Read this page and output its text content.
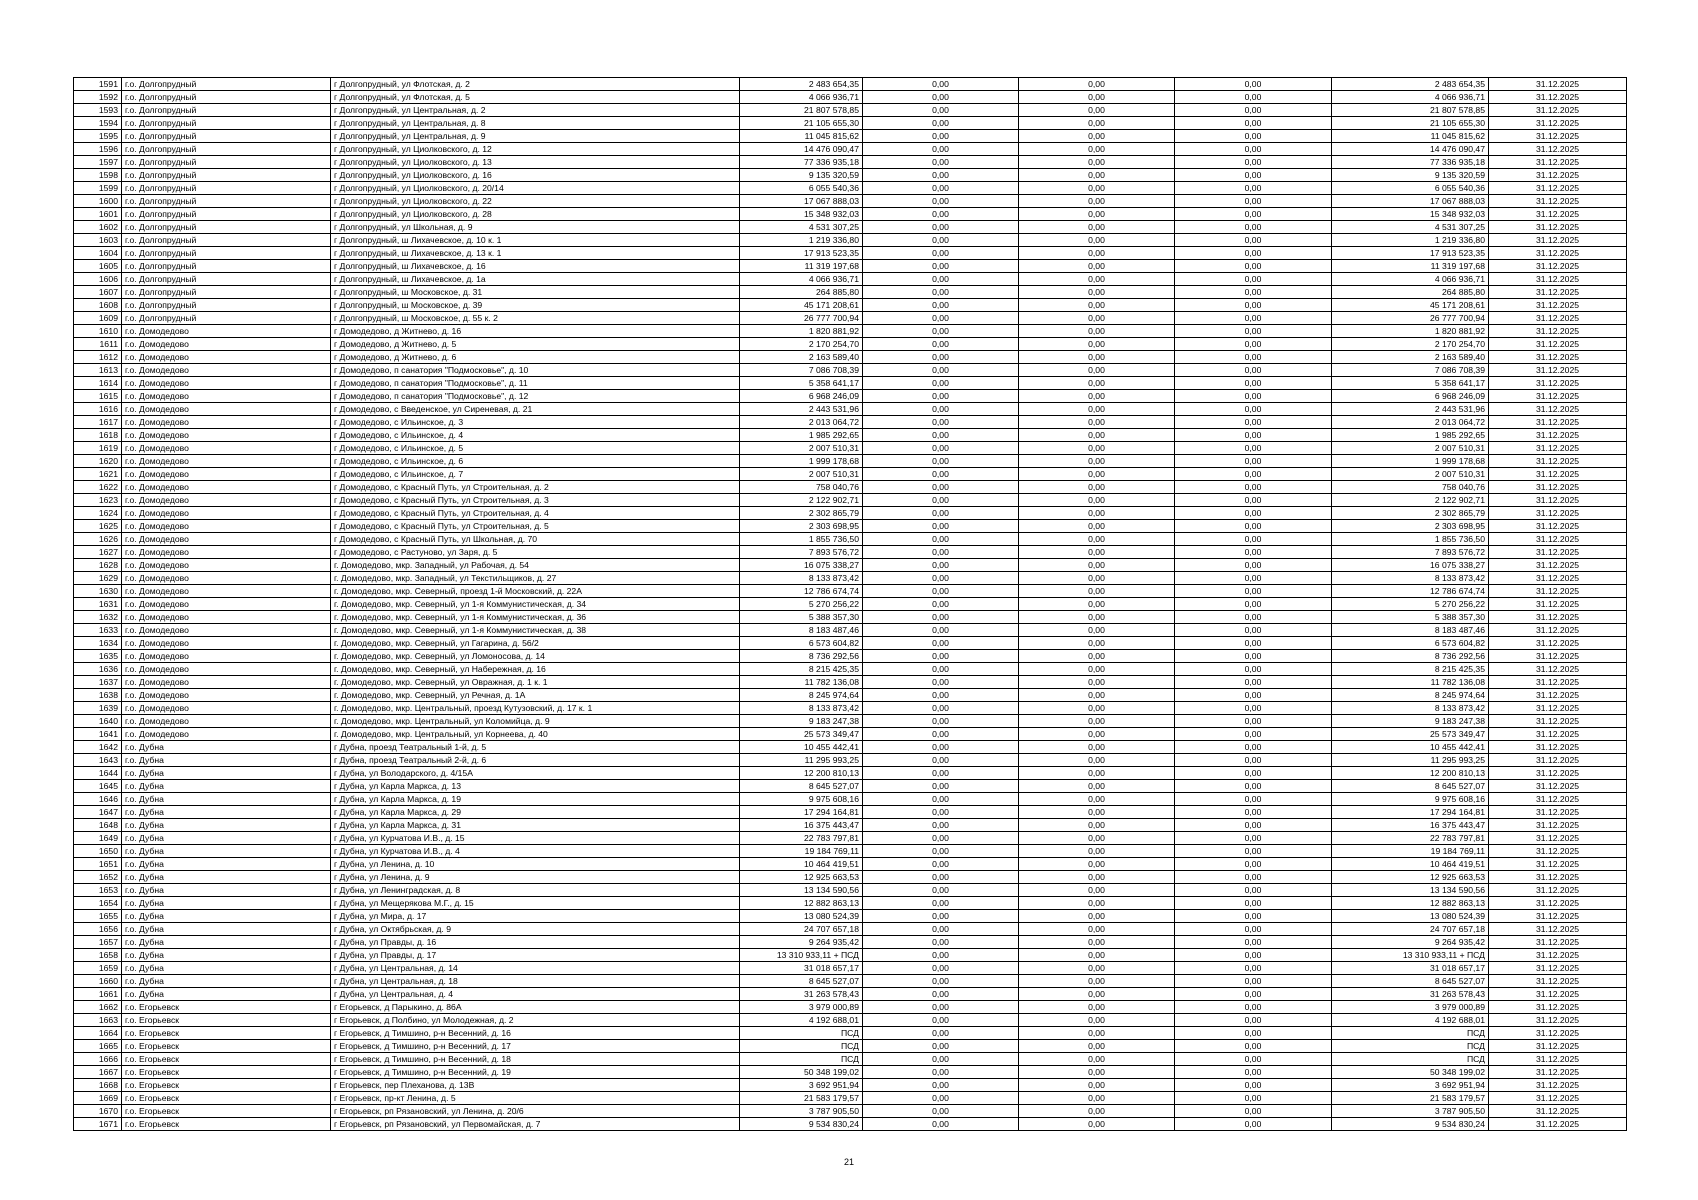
1591	г.о. Долгопрудный	г Долгопрудный, ул Флотская, д. 2	2 483 654,35	0,00	0,00	0,00	2 483 654,35	31.12.2025
1592	г.о. Долгопрудный	г Долгопрудный, ул Флотская, д. 5	4 066 936,71	0,00	0,00	0,00	4 066 936,71	31.12.2025
1593	г.о. Долгопрудный	г Долгопрудный, ул Центральная, д. 2	21 807 578,85	0,00	0,00	0,00	21 807 578,85	31.12.2025
1594	г.о. Долгопрудный	г Долгопрудный, ул Центральная, д. 8	21 105 655,30	0,00	0,00	0,00	21 105 655,30	31.12.2025
1595	г.о. Долгопрудный	г Долгопрудный, ул Центральная, д. 9	11 045 815,62	0,00	0,00	0,00	11 045 815,62	31.12.2025
1596	г.о. Долгопрудный	г Долгопрудный, ул Циолковского, д. 12	14 476 090,47	0,00	0,00	0,00	14 476 090,47	31.12.2025
1597	г.о. Долгопрудный	г Долгопрудный, ул Циолковского, д. 13	77 336 935,18	0,00	0,00	0,00	77 336 935,18	31.12.2025
1598	г.о. Долгопрудный	г Долгопрудный, ул Циолковского, д. 16	9 135 320,59	0,00	0,00	0,00	9 135 320,59	31.12.2025
1599	г.о. Долгопрудный	г Долгопрудный, ул Циолковского, д. 20/14	6 055 540,36	0,00	0,00	0,00	6 055 540,36	31.12.2025
1600	г.о. Долгопрудный	г Долгопрудный, ул Циолковского, д. 22	17 067 888,03	0,00	0,00	0,00	17 067 888,03	31.12.2025
1601	г.о. Долгопрудный	г Долгопрудный, ул Циолковского, д. 28	15 348 932,03	0,00	0,00	0,00	15 348 932,03	31.12.2025
1602	г.о. Долгопрудный	г Долгопрудный, ул Школьная, д. 9	4 531 307,25	0,00	0,00	0,00	4 531 307,25	31.12.2025
1603	г.о. Долгопрудный	г Долгопрудный, ш Лихачевское, д. 10 к. 1	1 219 336,80	0,00	0,00	0,00	1 219 336,80	31.12.2025
1604	г.о. Долгопрудный	г Долгопрудный, ш Лихачевское, д. 13 к. 1	17 913 523,35	0,00	0,00	0,00	17 913 523,35	31.12.2025
1605	г.о. Долгопрудный	г Долгопрудный, ш Лихачевское, д. 16	11 319 197,68	0,00	0,00	0,00	11 319 197,68	31.12.2025
1606	г.о. Долгопрудный	г Долгопрудный, ш Лихачевское, д. 1а	4 066 936,71	0,00	0,00	0,00	4 066 936,71	31.12.2025
1607	г.о. Долгопрудный	г Долгопрудный, ш Московское, д. 31	264 885,80	0,00	0,00	0,00	264 885,80	31.12.2025
1608	г.о. Долгопрудный	г Долгопрудный, ш Московское, д. 39	45 171 208,61	0,00	0,00	0,00	45 171 208,61	31.12.2025
1609	г.о. Долгопрудный	г Долгопрудный, ш Московское, д. 55 к. 2	26 777 700,94	0,00	0,00	0,00	26 777 700,94	31.12.2025
1610	г.о. Домодедово	г Домодедово, д Житнево, д. 16	1 820 881,92	0,00	0,00	0,00	1 820 881,92	31.12.2025
1611	г.о. Домодедово	г Домодедово, д Житнево, д. 5	2 170 254,70	0,00	0,00	0,00	2 170 254,70	31.12.2025
1612	г.о. Домодедово	г Домодедово, д Житнево, д. 6	2 163 589,40	0,00	0,00	0,00	2 163 589,40	31.12.2025
1613	г.о. Домодедово	г Домодедово, п санатория "Подмосковье", д. 10	7 086 708,39	0,00	0,00	0,00	7 086 708,39	31.12.2025
1614	г.о. Домодедово	г Домодедово, п санатория "Подмосковье", д. 11	5 358 641,17	0,00	0,00	0,00	5 358 641,17	31.12.2025
1615	г.о. Домодедово	г Домодедово, п санатория "Подмосковье", д. 12	6 968 246,09	0,00	0,00	0,00	6 968 246,09	31.12.2025
1616	г.о. Домодедово	г Домодедово, с Введенское, ул Сиреневая, д. 21	2 443 531,96	0,00	0,00	0,00	2 443 531,96	31.12.2025
1617	г.о. Домодедово	г Домодедово, с Ильинское, д. 3	2 013 064,72	0,00	0,00	0,00	2 013 064,72	31.12.2025
1618	г.о. Домодедово	г Домодедово, с Ильинское, д. 4	1 985 292,65	0,00	0,00	0,00	1 985 292,65	31.12.2025
1619	г.о. Домодедово	г Домодедово, с Ильинское, д. 5	2 007 510,31	0,00	0,00	0,00	2 007 510,31	31.12.2025
1620	г.о. Домодедово	г Домодедово, с Ильинское, д. 6	1 999 178,68	0,00	0,00	0,00	1 999 178,68	31.12.2025
1621	г.о. Домодедово	г Домодедово, с Ильинское, д. 7	2 007 510,31	0,00	0,00	0,00	2 007 510,31	31.12.2025
1622	г.о. Домодедово	г Домодедово, с Красный Путь, ул Строительная, д. 2	758 040,76	0,00	0,00	0,00	758 040,76	31.12.2025
1623	г.о. Домодедово	г Домодедово, с Красный Путь, ул Строительная, д. 3	2 122 902,71	0,00	0,00	0,00	2 122 902,71	31.12.2025
1624	г.о. Домодедово	г Домодедово, с Красный Путь, ул Строительная, д. 4	2 302 865,79	0,00	0,00	0,00	2 302 865,79	31.12.2025
1625	г.о. Домодедово	г Домодедово, с Красный Путь, ул Строительная, д. 5	2 303 698,95	0,00	0,00	0,00	2 303 698,95	31.12.2025
1626	г.о. Домодедово	г Домодедово, с Красный Путь, ул Школьная, д. 70	1 855 736,50	0,00	0,00	0,00	1 855 736,50	31.12.2025
1627	г.о. Домодедово	г Домодедово, с Растуново, ул Заря, д. 5	7 893 576,72	0,00	0,00	0,00	7 893 576,72	31.12.2025
1628	г.о. Домодедово	г. Домодедово, мкр. Западный, ул Рабочая, д. 54	16 075 338,27	0,00	0,00	0,00	16 075 338,27	31.12.2025
1629	г.о. Домодедово	г. Домодедово, мкр. Западный, ул Текстильщиков, д. 27	8 133 873,42	0,00	0,00	0,00	8 133 873,42	31.12.2025
1630	г.о. Домодедово	г. Домодедово, мкр. Северный, проезд 1-й Московский, д. 22А	12 786 674,74	0,00	0,00	0,00	12 786 674,74	31.12.2025
1631	г.о. Домодедово	г. Домодедово, мкр. Северный, ул 1-я Коммунистическая, д. 34	5 270 256,22	0,00	0,00	0,00	5 270 256,22	31.12.2025
1632	г.о. Домодедово	г. Домодедово, мкр. Северный, ул 1-я Коммунистическая, д. 36	5 388 357,30	0,00	0,00	0,00	5 388 357,30	31.12.2025
1633	г.о. Домодедово	г. Домодедово, мкр. Северный, ул 1-я Коммунистическая, д. 38	8 183 487,46	0,00	0,00	0,00	8 183 487,46	31.12.2025
1634	г.о. Домодедово	г. Домодедово, мкр. Северный, ул Гагарина, д. 56/2	6 573 604,82	0,00	0,00	0,00	6 573 604,82	31.12.2025
1635	г.о. Домодедово	г. Домодедово, мкр. Северный, ул Ломоносова, д. 14	8 736 292,56	0,00	0,00	0,00	8 736 292,56	31.12.2025
1636	г.о. Домодедово	г. Домодедово, мкр. Северный, ул Набережная, д. 16	8 215 425,35	0,00	0,00	0,00	8 215 425,35	31.12.2025
1637	г.о. Домодедово	г. Домодедово, мкр. Северный, ул Овражная, д. 1 к. 1	11 782 136,08	0,00	0,00	0,00	11 782 136,08	31.12.2025
1638	г.о. Домодедово	г. Домодедово, мкр. Северный, ул Речная, д. 1А	8 245 974,64	0,00	0,00	0,00	8 245 974,64	31.12.2025
1639	г.о. Домодедово	г. Домодедово, мкр. Центральный, проезд Кутузовский, д. 17 к. 1	8 133 873,42	0,00	0,00	0,00	8 133 873,42	31.12.2025
1640	г.о. Домодедово	г. Домодедово, мкр. Центральный, ул Коломийца, д. 9	9 183 247,38	0,00	0,00	0,00	9 183 247,38	31.12.2025
1641	г.о. Домодедово	г. Домодедово, мкр. Центральный, ул Корнеева, д. 40	25 573 349,47	0,00	0,00	0,00	25 573 349,47	31.12.2025
1642	г.о. Дубна	г Дубна, проезд Театральный 1-й, д. 5	10 455 442,41	0,00	0,00	0,00	10 455 442,41	31.12.2025
1643	г.о. Дубна	г Дубна, проезд Театральный 2-й, д. 6	11 295 993,25	0,00	0,00	0,00	11 295 993,25	31.12.2025
1644	г.о. Дубна	г Дубна, ул Володарского, д. 4/15А	12 200 810,13	0,00	0,00	0,00	12 200 810,13	31.12.2025
1645	г.о. Дубна	г Дубна, ул Карла Маркса, д. 13	8 645 527,07	0,00	0,00	0,00	8 645 527,07	31.12.2025
1646	г.о. Дубна	г Дубна, ул Карла Маркса, д. 19	9 975 608,16	0,00	0,00	0,00	9 975 608,16	31.12.2025
1647	г.о. Дубна	г Дубна, ул Карла Маркса, д. 29	17 294 164,81	0,00	0,00	0,00	17 294 164,81	31.12.2025
1648	г.о. Дубна	г Дубна, ул Карла Маркса, д. 31	16 375 443,47	0,00	0,00	0,00	16 375 443,47	31.12.2025
1649	г.о. Дубна	г Дубна, ул Курчатова И.В., д. 15	22 783 797,81	0,00	0,00	0,00	22 783 797,81	31.12.2025
1650	г.о. Дубна	г Дубна, ул Курчатова И.В., д. 4	19 184 769,11	0,00	0,00	0,00	19 184 769,11	31.12.2025
1651	г.о. Дубна	г Дубна, ул Ленина, д. 10	10 464 419,51	0,00	0,00	0,00	10 464 419,51	31.12.2025
1652	г.о. Дубна	г Дубна, ул Ленина, д. 9	12 925 663,53	0,00	0,00	0,00	12 925 663,53	31.12.2025
1653	г.о. Дубна	г Дубна, ул Ленинградская, д. 8	13 134 590,56	0,00	0,00	0,00	13 134 590,56	31.12.2025
1654	г.о. Дубна	г Дубна, ул Мещерякова М.Г., д. 15	12 882 863,13	0,00	0,00	0,00	12 882 863,13	31.12.2025
1655	г.о. Дубна	г Дубна, ул Мира, д. 17	13 080 524,39	0,00	0,00	0,00	13 080 524,39	31.12.2025
1656	г.о. Дубна	г Дубна, ул Октябрьская, д. 9	24 707 657,18	0,00	0,00	0,00	24 707 657,18	31.12.2025
1657	г.о. Дубна	г Дубна, ул Правды, д. 16	9 264 935,42	0,00	0,00	0,00	9 264 935,42	31.12.2025
1658	г.о. Дубна	г Дубна, ул Правды, д. 17	13 310 933,11 + ПСД	0,00	0,00	0,00	13 310 933,11 + ПСД	31.12.2025
1659	г.о. Дубна	г Дубна, ул Центральная, д. 14	31 018 657,17	0,00	0,00	0,00	31 018 657,17	31.12.2025
1660	г.о. Дубна	г Дубна, ул Центральная, д. 18	8 645 527,07	0,00	0,00	0,00	8 645 527,07	31.12.2025
1661	г.о. Дубна	г Дубна, ул Центральная, д. 4	31 263 578,43	0,00	0,00	0,00	31 263 578,43	31.12.2025
1662	г.о. Егорьевск	г Егорьевск, д Парыкино, д. 86А	3 979 000,89	0,00	0,00	0,00	3 979 000,89	31.12.2025
1663	г.о. Егорьевск	г Егорьевск, д Полбино, ул Молодежная, д. 2	4 192 688,01	0,00	0,00	0,00	4 192 688,01	31.12.2025
1664	г.о. Егорьевск	г Егорьевск, д Тимшино, р-н Весенний, д. 16	ПСД	0,00	0,00	0,00	ПСД	31.12.2025
1665	г.о. Егорьевск	г Егорьевск, д Тимшино, р-н Весенний, д. 17	ПСД	0,00	0,00	0,00	ПСД	31.12.2025
1666	г.о. Егорьевск	г Егорьевск, д Тимшино, р-н Весенний, д. 18	ПСД	0,00	0,00	0,00	ПСД	31.12.2025
1667	г.о. Егорьевск	г Егорьевск, д Тимшино, р-н Весенний, д. 19	50 348 199,02	0,00	0,00	0,00	50 348 199,02	31.12.2025
1668	г.о. Егорьевск	г Егорьевск, пер Плеханова, д. 13В	3 692 951,94	0,00	0,00	0,00	3 692 951,94	31.12.2025
1669	г.о. Егорьевск	г Егорьевск, пр-кт Ленина, д. 5	21 583 179,57	0,00	0,00	0,00	21 583 179,57	31.12.2025
1670	г.о. Егорьевск	г Егорьевск, рп Рязановский, ул Ленина, д. 20/6	3 787 905,50	0,00	0,00	0,00	3 787 905,50	31.12.2025
1671	г.о. Егорьевск	г Егорьевск, рп Рязановский, ул Первомайская, д. 7	9 534 830,24	0,00	0,00	0,00	9 534 830,24	31.12.2025
21
